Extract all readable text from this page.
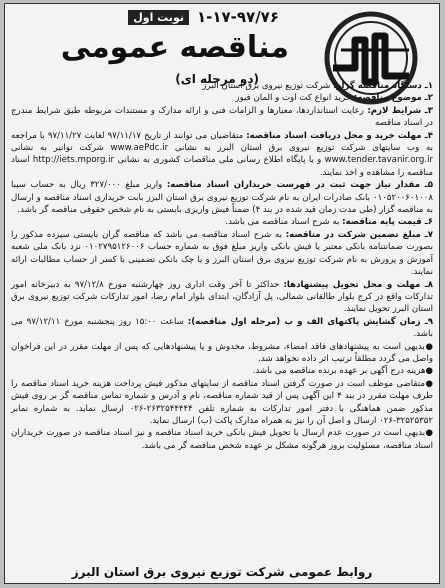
نوبت اول ۱-۱۷-۹۷/۷۶
مناقصه عمومی
(دو مرحله ای)	۱ـ دستگاه مناقصه گزار: شرکت توزیع نیروی برق استان البرز

۲ـ موضوع مناقصه: خرید انواع کت اوت و المان فیوز

۳ـ شرایط لازم: رعایت استانداردها، معیارها و الزامات فنی و ارائه مدارک و مستندات مربوطه طبق شرایط مندرج در اسناد مناقصه

۴ـ مهلت خرید و محل دریافت اسناد مناقصه: متقاضیان می توانند از تاریخ ۹۷/۱۱/۱۷ لغایت ۹۷/۱۱/۲۷ با مراجعه به وب سایتهای شرکت توزیع نیروی برق استان البرز به نشانی www.aePdc.ir شرکت توانیر به نشانی www.tender.tavanir.org.ir و یا پایگاه اطلاع رسانی ملی مناقصات کشوری به نشانی http://iets.mporg.ir اسناد مناقصه را مشاهده و اخذ نمایند.

۵ـ مقدار نیاز جهت ثبت در فهرست خریداران اسناد مناقصه: واریز مبلغ ۳۲۷/۰۰۰ ریال به حساب سیبا ۰۱۰۵۲۰۰۶۰۱۰۰۸ بانک صادرات ایران به نام شرکت توزیع نیروی برق استان البرز بابت خریداری اسناد مناقصه و ارسال به مناقصه گزار (طی مدت زمان قید شده در بند ۴) ضمناً فیش واریزی بایستی به نام شخص حقوقی مناقصه گر باشد.

۶ـ قیمت پایه مناقصه: به شرح اسناد مناقصه می باشد.

۷ـ مبلغ تضمین شرکت در مناقصه: به شرح اسناد مناقصه می باشد که مناقصه گران بایستی سپرده مذکور را بصورت ضمانتنامه بانکی معتبر یا فیش بانکی واریز مبلغ فوق به شماره حساب ۰۱۰۲۷۹۵۱۲۶۰۰۶ نزد بانک ملی شعبه آموزش و پرورش به نام شرکت توزیع نیروی برق استان البرز و یا چک بانکی تضمینی با کسر از حساب مطالبات ارائه نمایند.

۸ـ مهلت و محل تحویل پیشنهادها: حداکثر تا آخر وقت اداری روز چهارشنبه مورخ ۹۷/۱۲/۸ به دبیرخانه امور تدارکات واقع در کرج بلوار طالقانی شمالی، پل آزادگان، ابتدای بلوار امام رضا، امور تدارکات شرکت توزیع نیروی برق استان البرز تحویل نمایند.

۹ـ زمان گشایش پاکتهای الف و ب (مرحله اول مناقصه): ساعت ۱۵:۰۰ روز پنجشنبه مورخ ۹۷/۱۲/۱۱ می باشد.

●بدیهی است به پیشنهادهای فاقد امضاء، مشروط، مخدوش و یا پیشنهادهایی که پس از مهلت مقرر در این فراخوان واصل می گردد مطلقاً ترتیب اثر داده نخواهد شد.

●هزینه درج آگهی بر عهده برنده مناقصه می باشد.

●متقاضی موظف است در صورت گرفتن اسناد مناقصه از سایتهای مذکور فیش پرداخت هزینه خرید اسناد مناقصه را طرف مهلت مقرر در بند ۴ این آگهی پس از قید شماره مناقصه، نام و آدرس و شماره تماس مناقصه گر بر روی فیش مذکور ضمن هماهنگی با دفتر امور تدارکات به شماره تلفن ۲۶۳۲۵۴۴۴۴۴-۰۲۶ ارسال نماید. به شماره نمابر ۳۲۵۲۵۳۵۲-۰۲۶ ارسال و اصل آن را نیز به همراه مدارک پاکت (ب) ارسال نماید.

●بدیهی است در صورت عدم ارسال یا تحویل فیش بانکی خرید اسناد مناقصه و نیز اسناد مناقصه در صورت خریداران اسناد مناقصه، مسئولیت بروز هرگونه مشکل بر عهده شخص مناقصه گر می باشد.

روابط عمومی شرکت توزیع نیروی برق استان البرز
